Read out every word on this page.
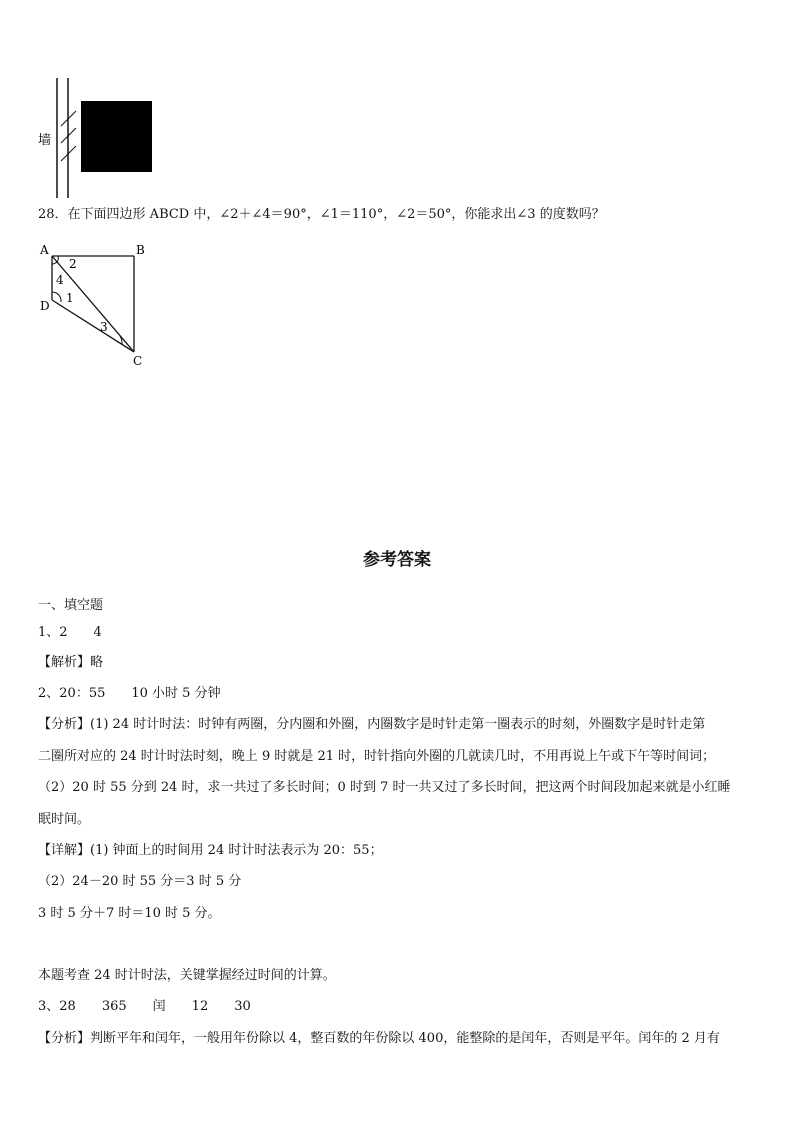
墙
28．在下面四边形 ABCD 中，∠2＋∠4＝90°，∠1＝110°，∠2＝50°，你能求出∠3 的度数吗？
A	B
C
D
2
4
1
3
参考答案
一、填空题
1、2 4
【解析】略
2、20：55 10 小时 5 分钟
【分析】(1) 24 时计时法：时钟有两圈，分内圈和外圈，内圈数字是时针走第一圈表示的时刻，外圈数字是时针走第
二圈所对应的 24 时计时法时刻，晚上 9 时就是 21 时，时针指向外圈的几就读几时，不用再说上午或下午等时间词；
（2）20 时 55 分到 24 时，求一共过了多长时间；0 时到 7 时一共又过了多长时间，把这两个时间段加起来就是小红睡
眠时间。
【详解】(1) 钟面上的时间用 24 时计时法表示为 20：55；
（2）24－20 时 55 分＝3 时 5 分
3 时 5 分＋7 时＝10 时 5 分。
本题考查 24 时计时法，关键掌握经过时间的计算。
3、28 365 闰 12 30
【分析】判断平年和闰年，一般用年份除以 4，整百数的年份除以 400，能整除的是闰年，否则是平年。闰年的 2 月有
